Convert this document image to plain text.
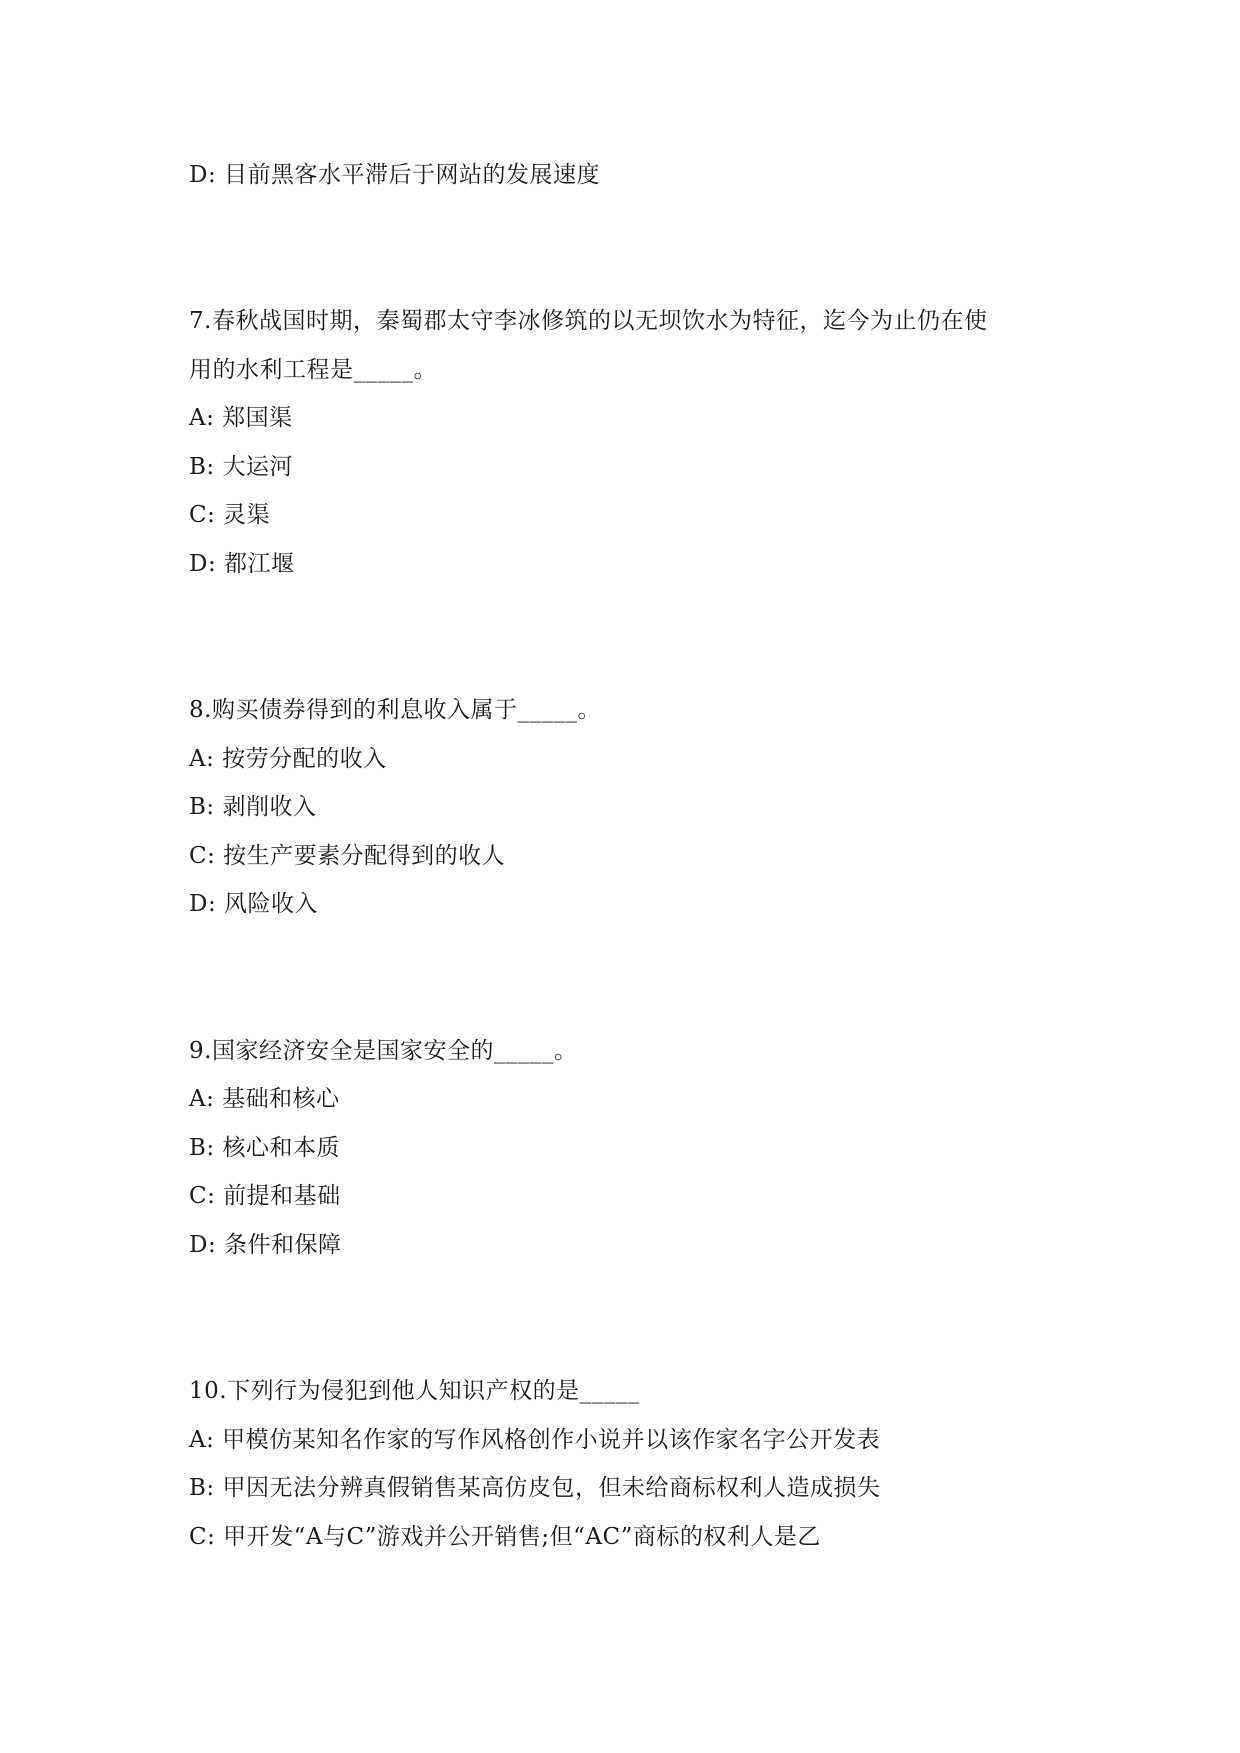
D: 目前黑客水平滞后于网站的发展速度
7.春秋战国时期，秦蜀郡太守李冰修筑的以无坝饮水为特征，迄今为止仍在使
用的水利工程是_____。
A: 郑国渠
B: 大运河
C: 灵渠
D: 都江堰
8.购买债券得到的利息收入属于_____。
A: 按劳分配的收入
B: 剥削收入
C: 按生产要素分配得到的收人
D: 风险收入
9.国家经济安全是国家安全的_____。
A: 基础和核心
B: 核心和本质
C: 前提和基础
D: 条件和保障
10.下列行为侵犯到他人知识产权的是_____
A: 甲模仿某知名作家的写作风格创作小说并以该作家名字公开发表
B: 甲因无法分辨真假销售某高仿皮包，但未给商标权利人造成损失
C: 甲开发“A与C”游戏并公开销售;但“AC”商标的权利人是乙
